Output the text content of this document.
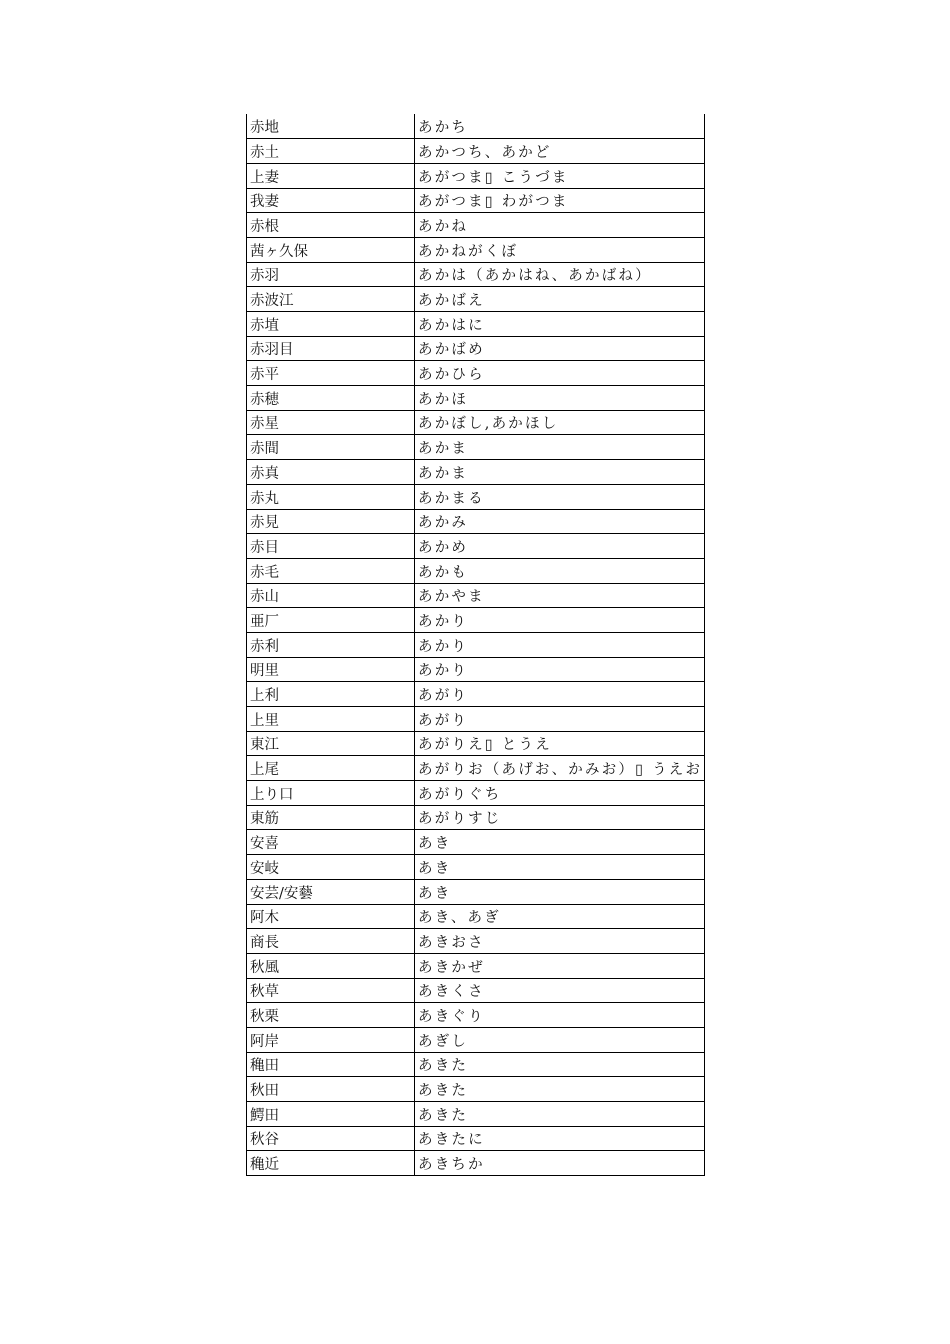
赤地	あかち
赤土	あかつち、あかど
上妻	あがつま▯ こうづま
我妻	あがつま▯ わがつま
赤根	あかね
茜ヶ久保	あかねがくぼ
赤羽	あかは（あかはね、あかばね）
赤波江	あかばえ
赤埴	あかはに
赤羽目	あかばめ
赤平	あかひら
赤穂	あかほ
赤星	あかぼし,あかほし
赤間	あかま
赤真	あかま
赤丸	あかまる
赤見	あかみ
赤目	あかめ
赤毛	あかも
赤山	あかやま
亜厂	あかり
赤利	あかり
明里	あかり
上利	あがり
上里	あがり
東江	あがりえ▯ とうえ
上尾	あがりお（あげお、かみお）▯ うえお
上り口	あがりぐち
東筋	あがりすじ
安喜	あき
安岐	あき
安芸/安藝	あき
阿木	あき、あぎ
商長	あきおさ
秋風	あきかぜ
秋草	あきくさ
秋栗	あきぐり
阿岸	あぎし
穐田	あきた
秋田	あきた
鰐田	あきた
秋谷	あきたに
穐近	あきちか
